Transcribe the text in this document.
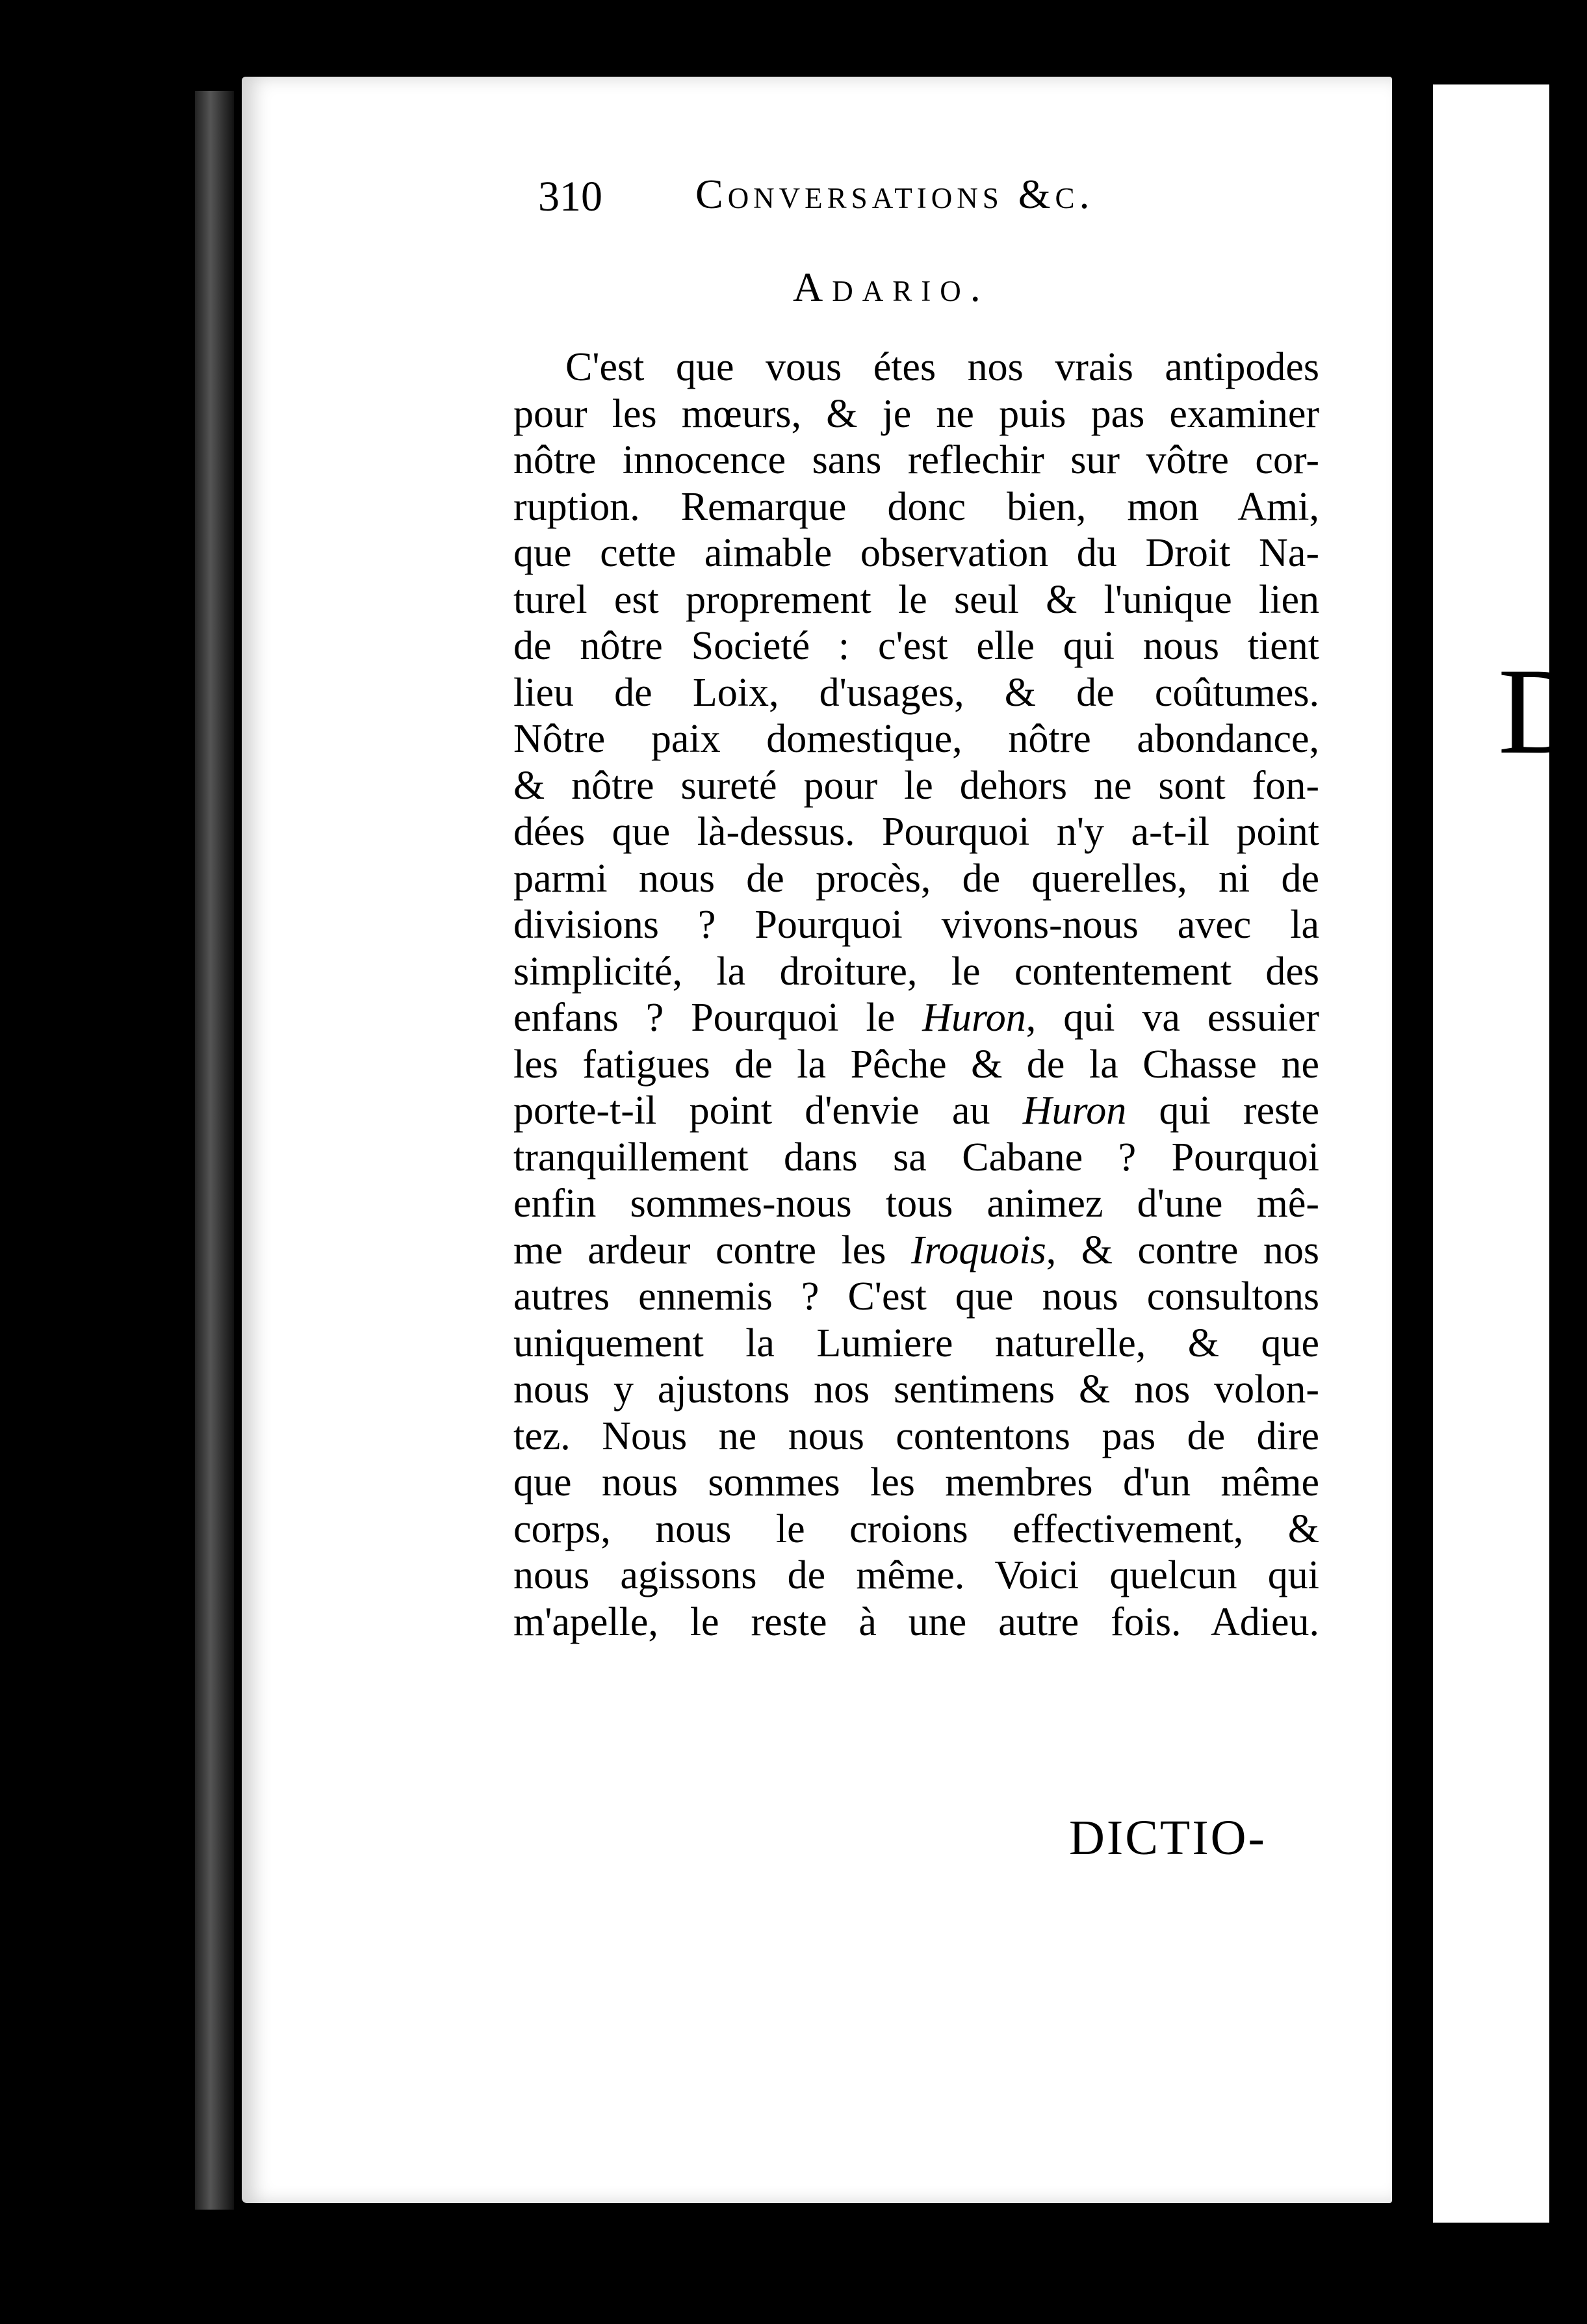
D
310 Conversations &c.
Adario.
C'est que vous étes nos vrais antipodes
pour les mœurs, & je ne puis pas examiner
nôtre innocence sans reflechir sur vôtre cor-
ruption. Remarque donc bien, mon Ami,
que cette aimable observation du Droit Na-
turel est proprement le seul & l'unique lien
de nôtre Societé : c'est elle qui nous tient
lieu de Loix, d'usages, & de coûtumes.
Nôtre paix domestique, nôtre abondance,
& nôtre sureté pour le dehors ne sont fon-
dées que là-dessus. Pourquoi n'y a-t-il point
parmi nous de procès, de querelles, ni de
divisions ? Pourquoi vivons-nous avec la
simplicité, la droiture, le contentement des
enfans ? Pourquoi le Huron, qui va essuier
les fatigues de la Pêche & de la Chasse ne
porte-t-il point d'envie au Huron qui reste
tranquillement dans sa Cabane ? Pourquoi
enfin sommes-nous tous animez d'une mê-
me ardeur contre les Iroquois, & contre nos
autres ennemis ? C'est que nous consultons
uniquement la Lumiere naturelle, & que
nous y ajustons nos sentimens & nos volon-
tez. Nous ne nous contentons pas de dire
que nous sommes les membres d'un même
corps, nous le croions effectivement, &
nous agissons de même. Voici quelcun qui
m'apelle, le reste à une autre fois. Adieu.
DICTIO-
